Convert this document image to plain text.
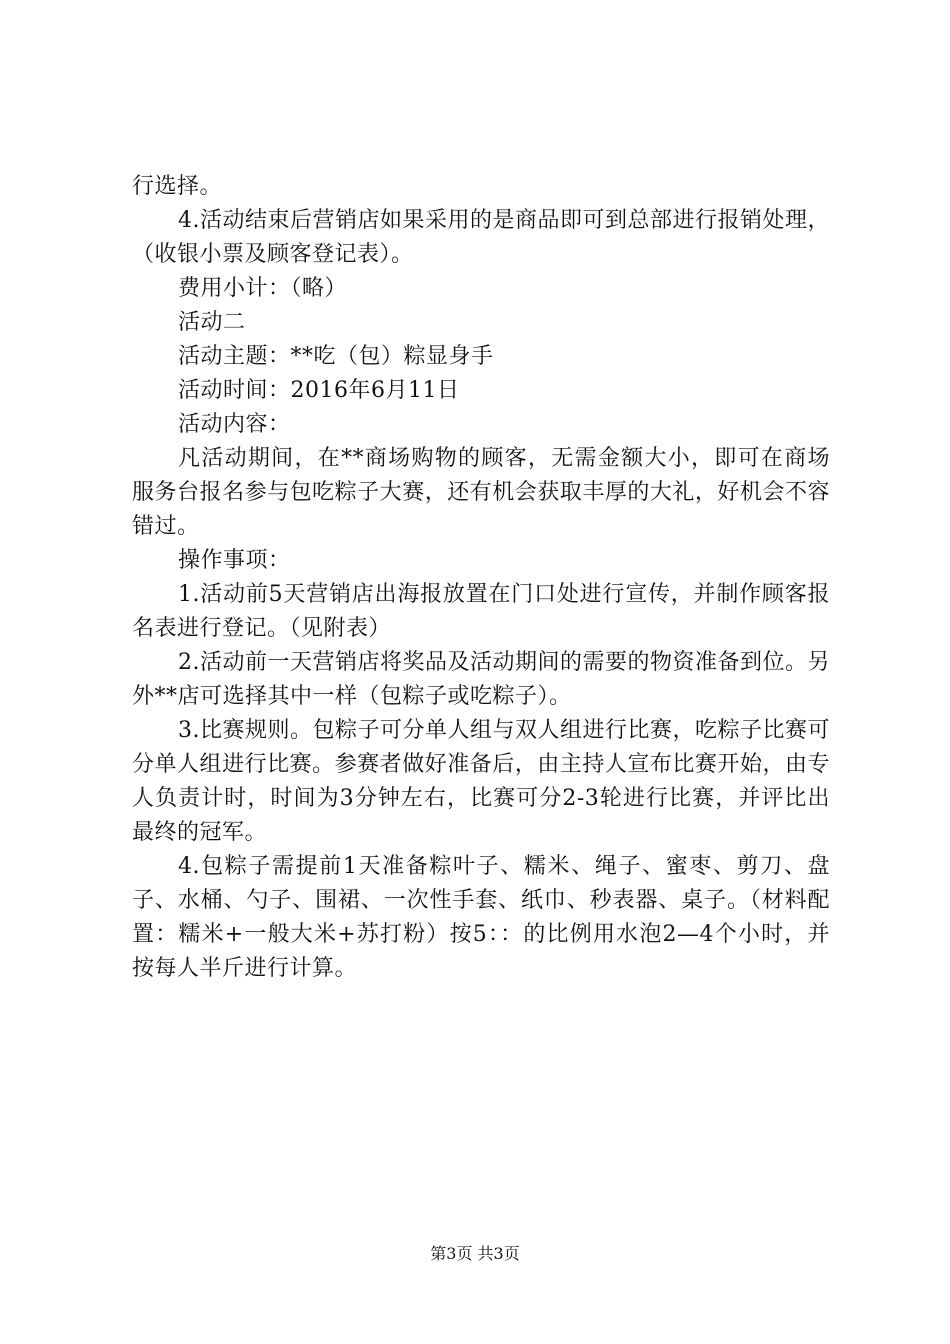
行选择。

4.活动结束后营销店如果采用的是商品即可到总部进行报销处理，（收银小票及顾客登记表）。

费用小计：（略）

活动二

活动主题：**吃（包）粽显身手

活动时间：2016年6月11日

活动内容：

凡活动期间，在**商场购物的顾客，无需金额大小，即可在商场服务台报名参与包吃粽子大赛，还有机会获取丰厚的大礼，好机会不容错过。

操作事项：

1.活动前5天营销店出海报放置在门口处进行宣传，并制作顾客报名表进行登记。（见附表）

2.活动前一天营销店将奖品及活动期间的需要的物资准备到位。另外**店可选择其中一样（包粽子或吃粽子）。

3.比赛规则。包粽子可分单人组与双人组进行比赛，吃粽子比赛可分单人组进行比赛。参赛者做好准备后，由主持人宣布比赛开始，由专人负责计时，时间为3分钟左右，比赛可分2-3轮进行比赛，并评比出最终的冠军。

4.包粽子需提前1天准备粽叶子、糯米、绳子、蜜枣、剪刀、盘子、水桶、勺子、围裙、一次性手套、纸巾、秒表器、桌子。（材料配置：糯米+一般大米+苏打粉）按5：：的比例用水泡2—4个小时，并按每人半斤进行计算。

第3页 共3页
